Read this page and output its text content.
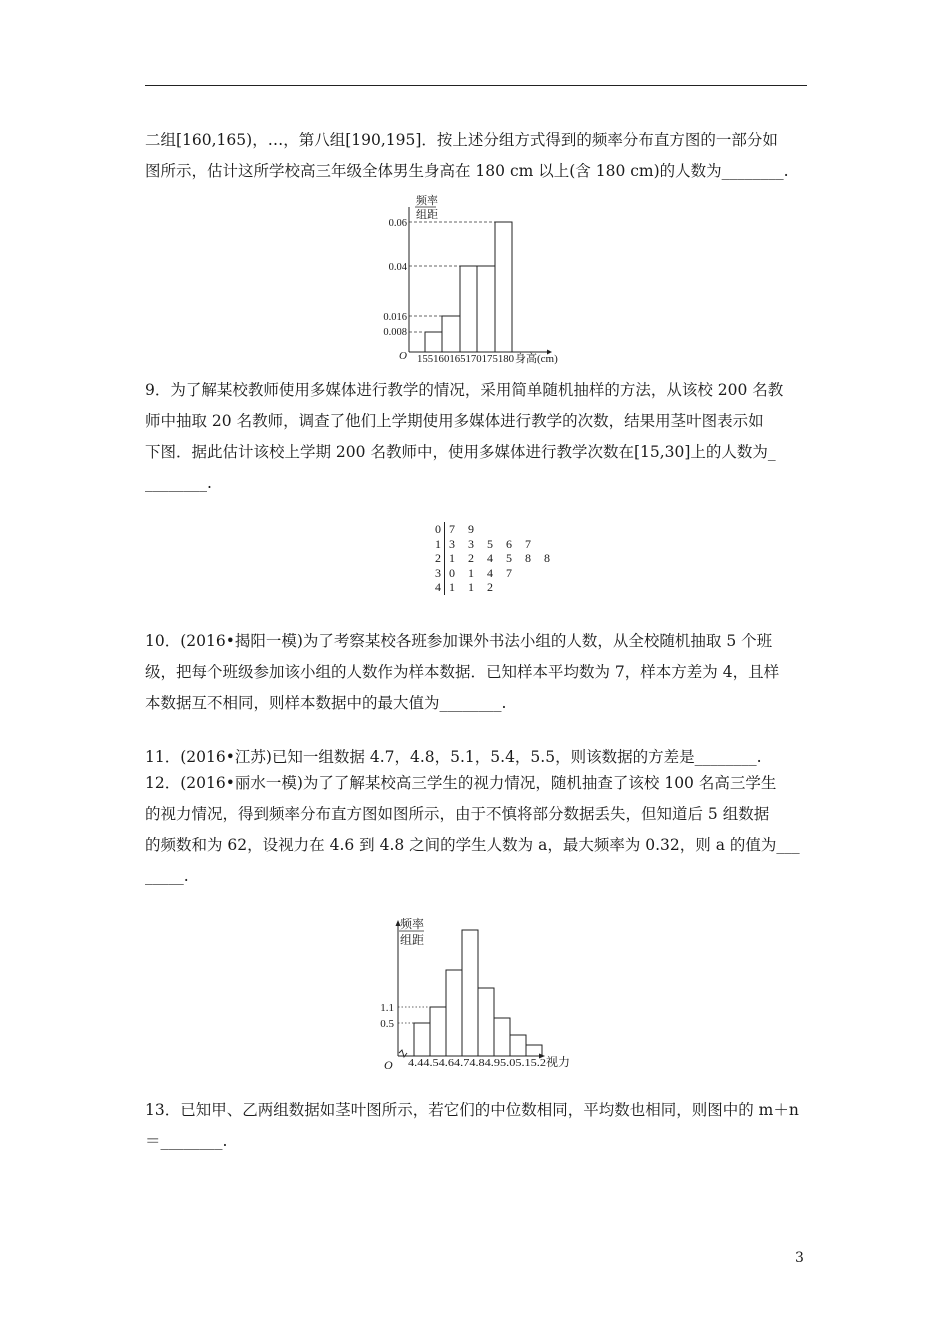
二组[160,165)，…，第八组[190,195]．按上述分组方式得到的频率分布直方图的一部分如
图所示，估计这所学校高三年级全体男生身高在 180 cm 以上(含 180 cm)的人数为________.
频率
组距
O
0.06
0.04
0.016
0.008
155160165170175180 身高(cm)
9．为了解某校教师使用多媒体进行教学的情况，采用简单随机抽样的方法，从该校 200 名教
师中抽取 20 名教师，调查了他们上学期使用多媒体进行教学的次数，结果用茎叶图表示如
下图．据此估计该校上学期 200 名教师中，使用多媒体进行教学次数在[15,30]上的人数为_
________.
0 7 9
1 3 3 5 6 7
2 1 2 4 5 8 8
3 0 1 4 7
4 1 1 2
10．(2016•揭阳一模)为了考察某校各班参加课外书法小组的人数，从全校随机抽取 5 个班
级，把每个班级参加该小组的人数作为样本数据．已知样本平均数为 7，样本方差为 4，且样
本数据互不相同，则样本数据中的最大值为________.
11．(2016•江苏)已知一组数据 4.7，4.8，5.1，5.4，5.5，则该数据的方差是________.
12．(2016•丽水一模)为了了解某校高三学生的视力情况，随机抽查了该校 100 名高三学生
的视力情况，得到频率分布直方图如图所示，由于不慎将部分数据丢失，但知道后 5 组数据
的频数和为 62，设视力在 4.6 到 4.8 之间的学生人数为 a，最大频率为 0.32，则 a 的值为___
_____.
频率
组距
O
1.1
0.5
4.44.54.64.74.84.95.05.15.2 视力
13．已知甲、乙两组数据如茎叶图所示，若它们的中位数相同，平均数也相同，则图中的 m＋n
＝________.
3
